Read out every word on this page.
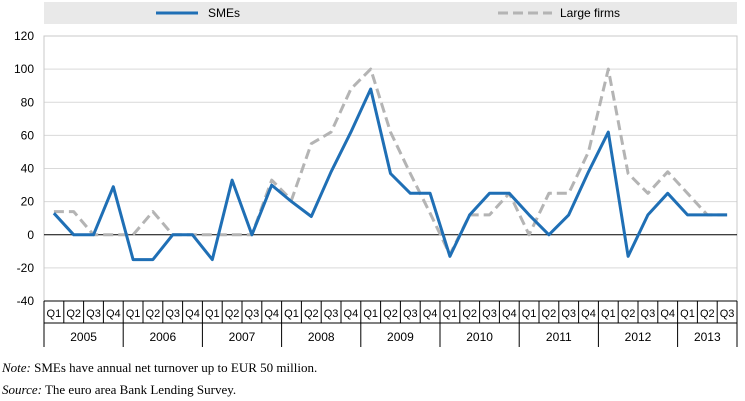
SMEs	Large firms
-40
-20
0
20
40
60
80
100
120
Q1 Q2 Q3 Q4 Q1 Q2 Q3 Q4 Q1 Q2 Q3 Q4 Q1 Q2 Q3 Q4 Q1 Q2 Q3 Q4 Q1 Q2 Q3 Q4 Q1 Q2 Q3 Q4 Q1 Q2 Q3 Q4 Q1 Q2 Q3
2005	2006	2007	2008	2009	2010	2011	2012	2013
Note: SMEs have annual net turnover up to EUR 50 million.
Source: The euro area Bank Lending Survey.
